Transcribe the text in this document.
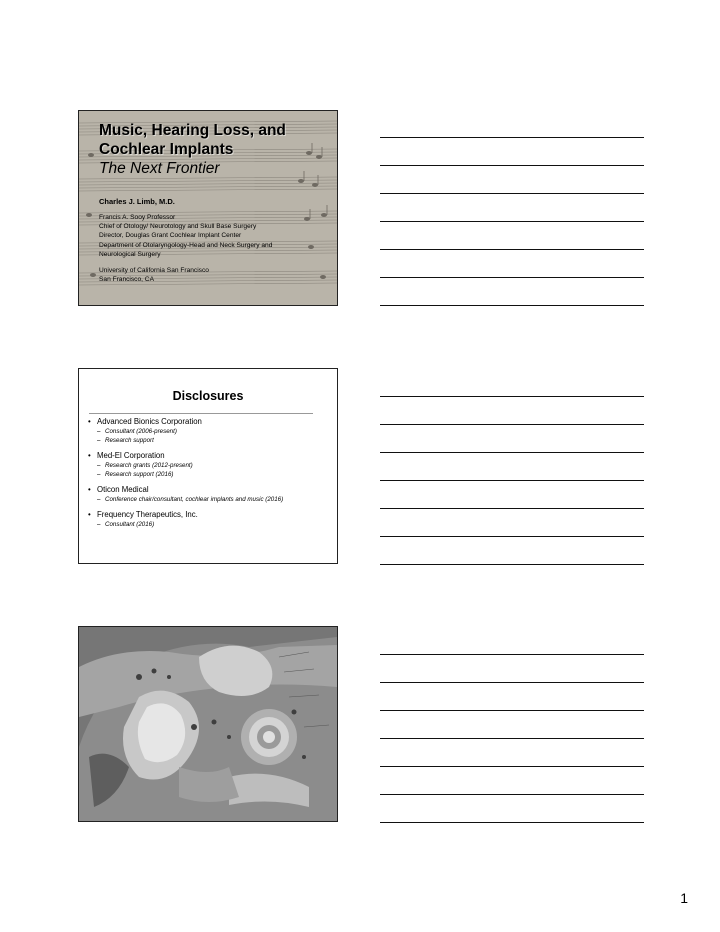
Music, Hearing Loss, and
Cochlear Implants
The Next Frontier
Charles J. Limb, M.D.
Francis A. Sooy Professor
Chief of Otology/ Neurotology and Skull Base Surgery
Director, Douglas Grant Cochlear Implant Center
Department of Otolaryngology-Head and Neck Surgery and
Neurological Surgery
University of California San Francisco
San Francisco, CA
Disclosures
• Advanced Bionics Corporation
– Consultant (2006-present)
– Research support
• Med-El Corporation
– Research grants (2012-present)
– Research support (2016)
• Oticon Medical
– Conference chair/consultant, cochlear implants and music (2016)
• Frequency Therapeutics, Inc.
– Consultant (2016)
1
